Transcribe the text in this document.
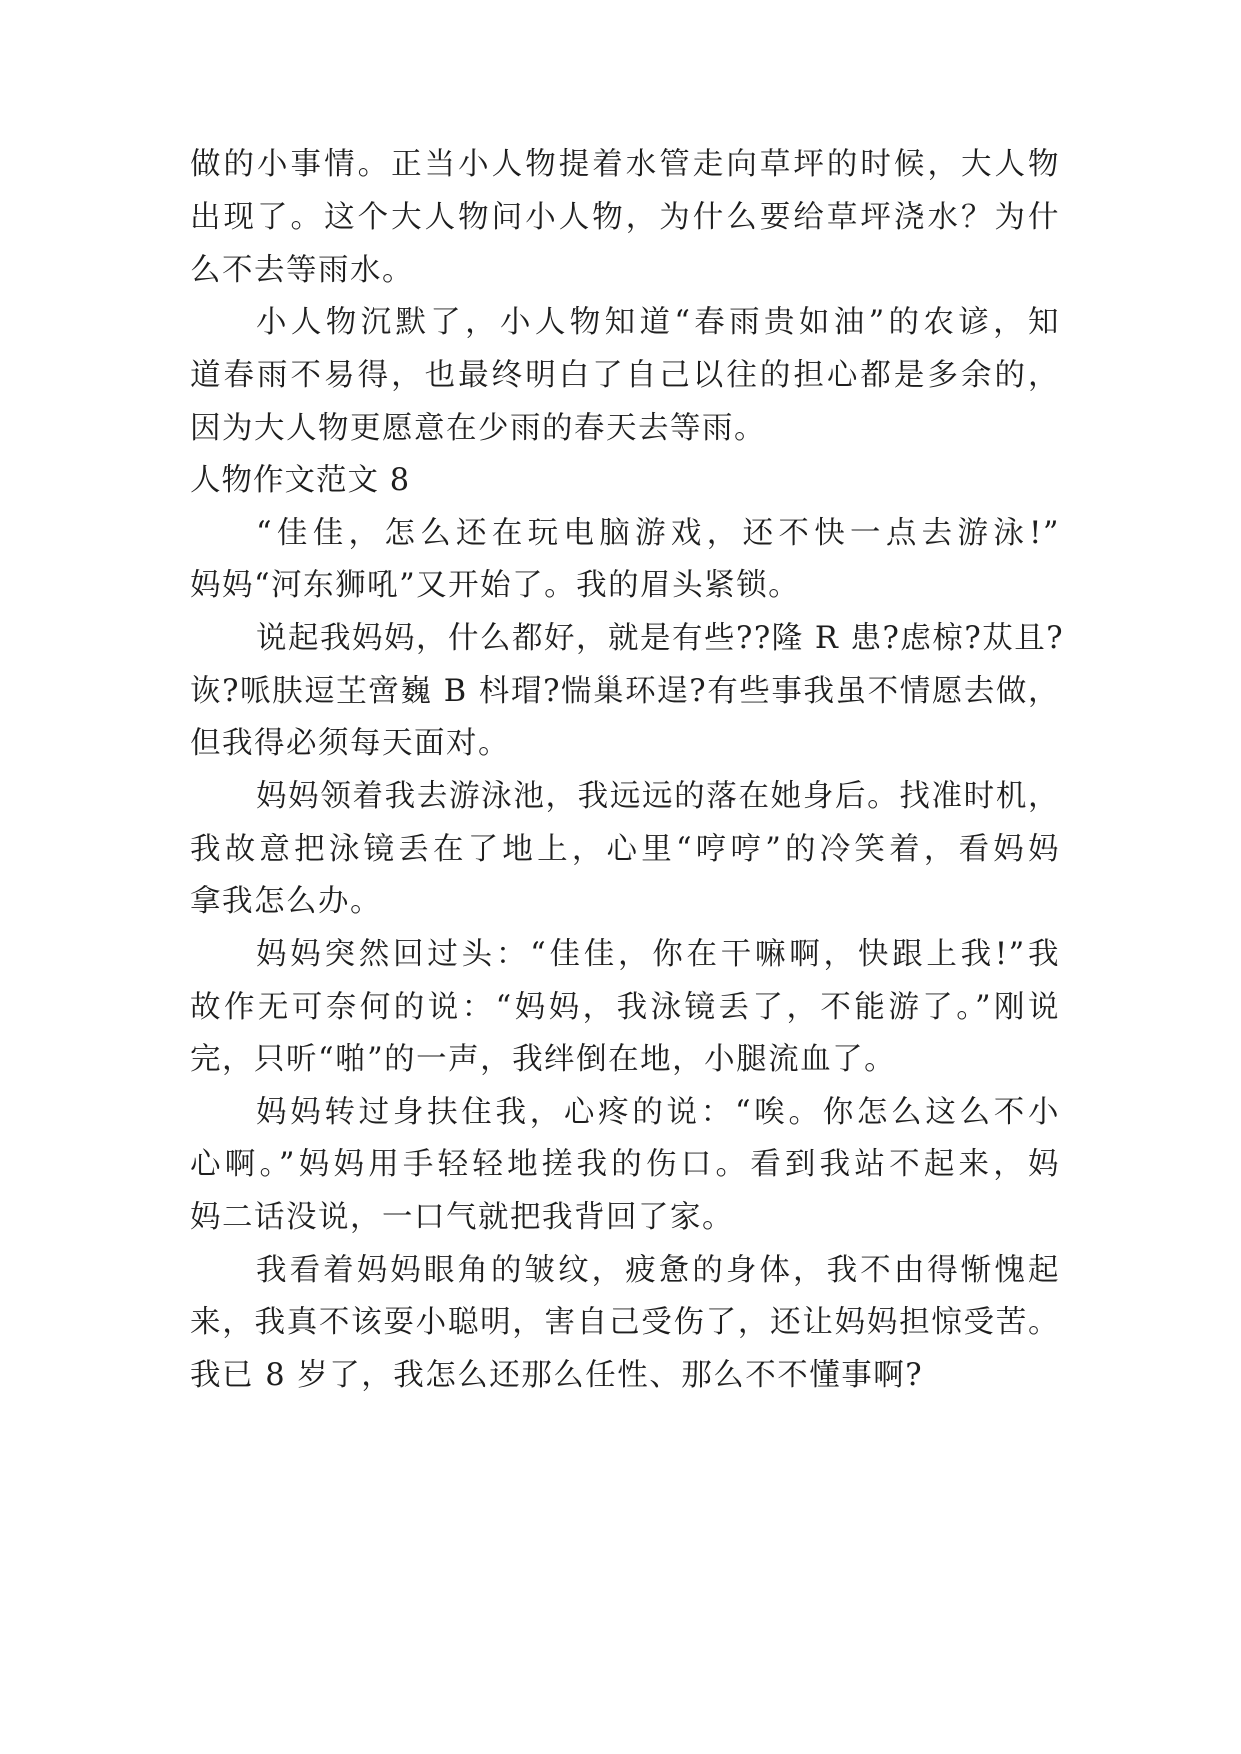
做的小事情。正当小人物提着水管走向草坪的时候，大人物
出现了。这个大人物问小人物，为什么要给草坪浇水？为什
么不去等雨水。
小人物沉默了，小人物知道“春雨贵如油”的农谚，知
道春雨不易得，也最终明白了自己以往的担心都是多余的，
因为大人物更愿意在少雨的春天去等雨。
人物作文范文 8
“佳佳，怎么还在玩电脑游戏，还不快一点去游泳!”
妈妈“河东狮吼”又开始了。我的眉头紧锁。
说起我妈妈，什么都好，就是有些??隆 R 患?虑椋?苁且?
诙?哌肤逗芏啻巍 B 枓瑁?惴巢环逞?有些事我虽不情愿去做，
但我得必须每天面对。
妈妈领着我去游泳池，我远远的落在她身后。找准时机，
我故意把泳镜丢在了地上，心里“哼哼”的冷笑着，看妈妈
拿我怎么办。
妈妈突然回过头：“佳佳，你在干嘛啊，快跟上我!”我
故作无可奈何的说：“妈妈，我泳镜丢了，不能游了。”刚说
完，只听“啪”的一声，我绊倒在地，小腿流血了。
妈妈转过身扶住我，心疼的说：“唉。你怎么这么不小
心啊。”妈妈用手轻轻地搓我的伤口。看到我站不起来，妈
妈二话没说，一口气就把我背回了家。
我看着妈妈眼角的皱纹，疲惫的身体，我不由得惭愧起
来，我真不该耍小聪明，害自己受伤了，还让妈妈担惊受苦。
我已 8 岁了，我怎么还那么任性、那么不不懂事啊?
